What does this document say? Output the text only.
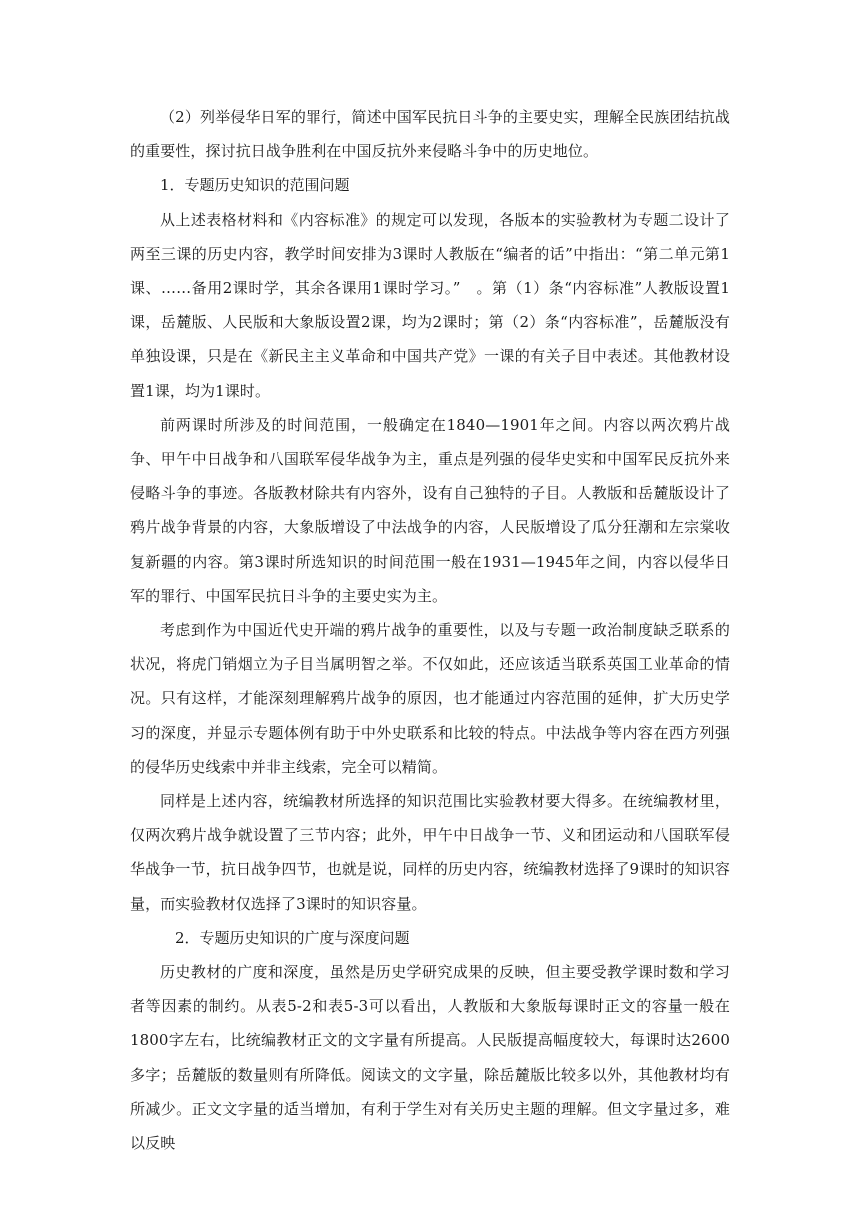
（2）列举侵华日军的罪行，简述中国军民抗日斗争的主要史实，理解全民族团结抗战的重要性，探讨抗日战争胜利在中国反抗外来侵略斗争中的历史地位。

1．专题历史知识的范围问题

从上述表格材料和《内容标准》的规定可以发现，各版本的实验教材为专题二设计了两至三课的历史内容，教学时间安排为3课时人教版在“编者的话”中指出：“第二单元第1课、……备用2课时学，其余各课用1课时学习。”　。第（1）条“内容标准”人教版设置1课，岳麓版、人民版和大象版设置2课，均为2课时；第（2）条“内容标准”，岳麓版没有单独设课，只是在《新民主主义革命和中国共产党》一课的有关子目中表述。其他教材设置1课，均为1课时。

前两课时所涉及的时间范围，一般确定在1840—1901年之间。内容以两次鸦片战争、甲午中日战争和八国联军侵华战争为主，重点是列强的侵华史实和中国军民反抗外来侵略斗争的事迹。各版教材除共有内容外，设有自己独特的子目。人教版和岳麓版设计了鸦片战争背景的内容，大象版增设了中法战争的内容，人民版增设了瓜分狂潮和左宗棠收复新疆的内容。第3课时所选知识的时间范围一般在1931—1945年之间，内容以侵华日军的罪行、中国军民抗日斗争的主要史实为主。

考虑到作为中国近代史开端的鸦片战争的重要性，以及与专题一政治制度缺乏联系的状况，将虎门销烟立为子目当属明智之举。不仅如此，还应该适当联系英国工业革命的情况。只有这样，才能深刻理解鸦片战争的原因，也才能通过内容范围的延伸，扩大历史学习的深度，并显示专题体例有助于中外史联系和比较的特点。中法战争等内容在西方列强的侵华历史线索中并非主线索，完全可以精简。

同样是上述内容，统编教材所选择的知识范围比实验教材要大得多。在统编教材里，仅两次鸦片战争就设置了三节内容；此外，甲午中日战争一节、义和团运动和八国联军侵华战争一节，抗日战争四节，也就是说，同样的历史内容，统编教材选择了9课时的知识容量，而实验教材仅选择了3课时的知识容量。

2．专题历史知识的广度与深度问题

历史教材的广度和深度，虽然是历史学研究成果的反映，但主要受教学课时数和学习者等因素的制约。从表5-2和表5-3可以看出，人教版和大象版每课时正文的容量一般在1800字左右，比统编教材正文的文字量有所提高。人民版提高幅度较大，每课时达2600多字；岳麓版的数量则有所降低。阅读文的文字量，除岳麓版比较多以外，其他教材均有所减少。正文文字量的适当增加，有利于学生对有关历史主题的理解。但文字量过多，难以反映
